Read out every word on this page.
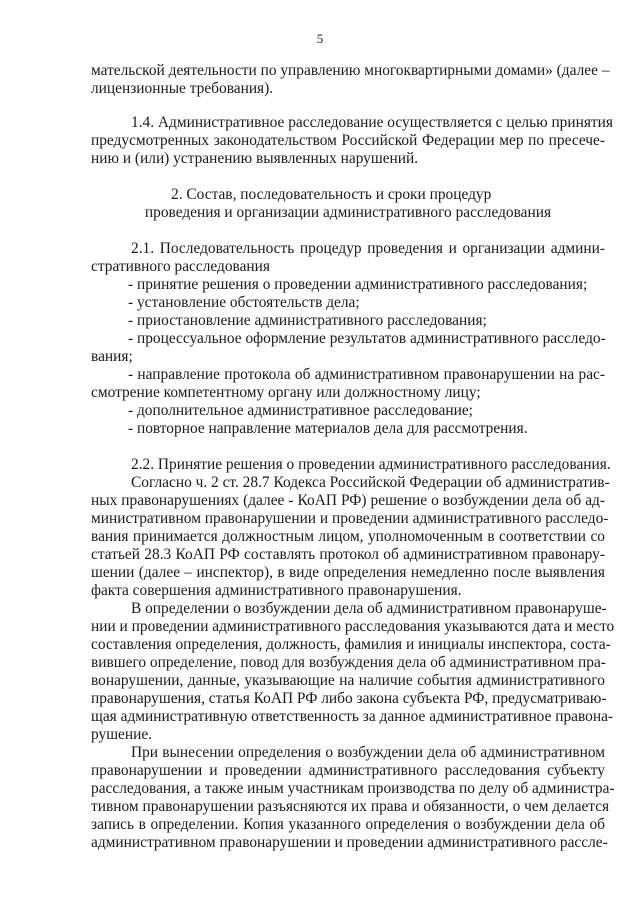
5
мательской деятельности по управлению многоквартирными домами» (далее –
лицензионные требования).
1.4. Административное расследование осуществляется с целью принятия
предусмотренных законодательством Российской Федерации мер по пресече-
нию и (или) устранению выявленных нарушений.
2. Состав, последовательность и сроки процедур
проведения и организации административного расследования
2.1. Последовательность процедур проведения и организации админи-
стративного расследования
- принятие решения о проведении административного расследования;
- установление обстоятельств дела;
- приостановление административного расследования;
- процессуальное оформление результатов административного расследо-
вания;
- направление протокола об административном правонарушении на рас-
смотрение компетентному органу или должностному лицу;
- дополнительное административное расследование;
- повторное направление материалов дела для рассмотрения.
2.2. Принятие решения о проведении административного расследования.
Согласно ч. 2 ст. 28.7 Кодекса Российской Федерации об административ-
ных правонарушениях (далее - КоАП РФ) решение о возбуждении дела об ад-
министративном правонарушении и проведении административного расследо-
вания принимается должностным лицом, уполномоченным в соответствии со
статьей 28.3 КоАП РФ составлять протокол об административном правонару-
шении (далее – инспектор), в виде определения немедленно после выявления
факта совершения административного правонарушения.
В определении о возбуждении дела об административном правонаруше-
нии и проведении административного расследования указываются дата и место
составления определения, должность, фамилия и инициалы инспектора, соста-
вившего определение, повод для возбуждения дела об административном пра-
вонарушении, данные, указывающие на наличие события административного
правонарушения, статья КоАП РФ либо закона субъекта РФ, предусматриваю-
щая административную ответственность за данное административное правона-
рушение.
При вынесении определения о возбуждении дела об административном
правонарушении и проведении административного расследования субъекту
расследования, а также иным участникам производства по делу об администра-
тивном правонарушении разъясняются их права и обязанности, о чем делается
запись в определении. Копия указанного определения о возбуждении дела об
административном правонарушении и проведении административного рассле-
